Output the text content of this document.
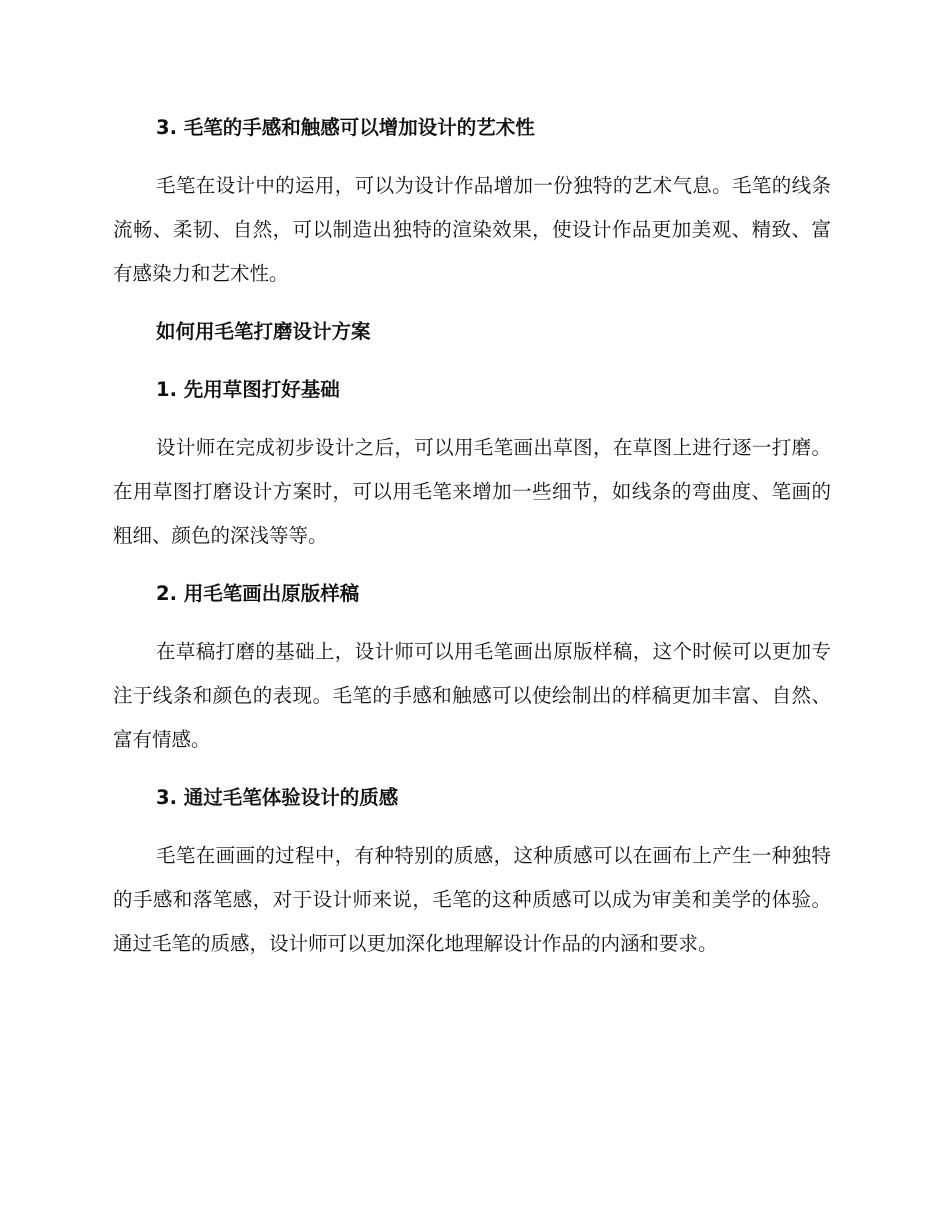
3. 毛笔的手感和触感可以增加设计的艺术性

毛笔在设计中的运用，可以为设计作品增加一份独特的艺术气息。毛笔的线条流畅、柔韧、自然，可以制造出独特的渲染效果，使设计作品更加美观、精致、富有感染力和艺术性。

如何用毛笔打磨设计方案
1. 先用草图打好基础

设计师在完成初步设计之后，可以用毛笔画出草图，在草图上进行逐一打磨。在用草图打磨设计方案时，可以用毛笔来增加一些细节，如线条的弯曲度、笔画的粗细、颜色的深浅等等。

2. 用毛笔画出原版样稿

在草稿打磨的基础上，设计师可以用毛笔画出原版样稿，这个时候可以更加专注于线条和颜色的表现。毛笔的手感和触感可以使绘制出的样稿更加丰富、自然、富有情感。

3. 通过毛笔体验设计的质感

毛笔在画画的过程中，有种特别的质感，这种质感可以在画布上产生一种独特的手感和落笔感，对于设计师来说，毛笔的这种质感可以成为审美和美学的体验。通过毛笔的质感，设计师可以更加深化地理解设计作品的内涵和要求。
